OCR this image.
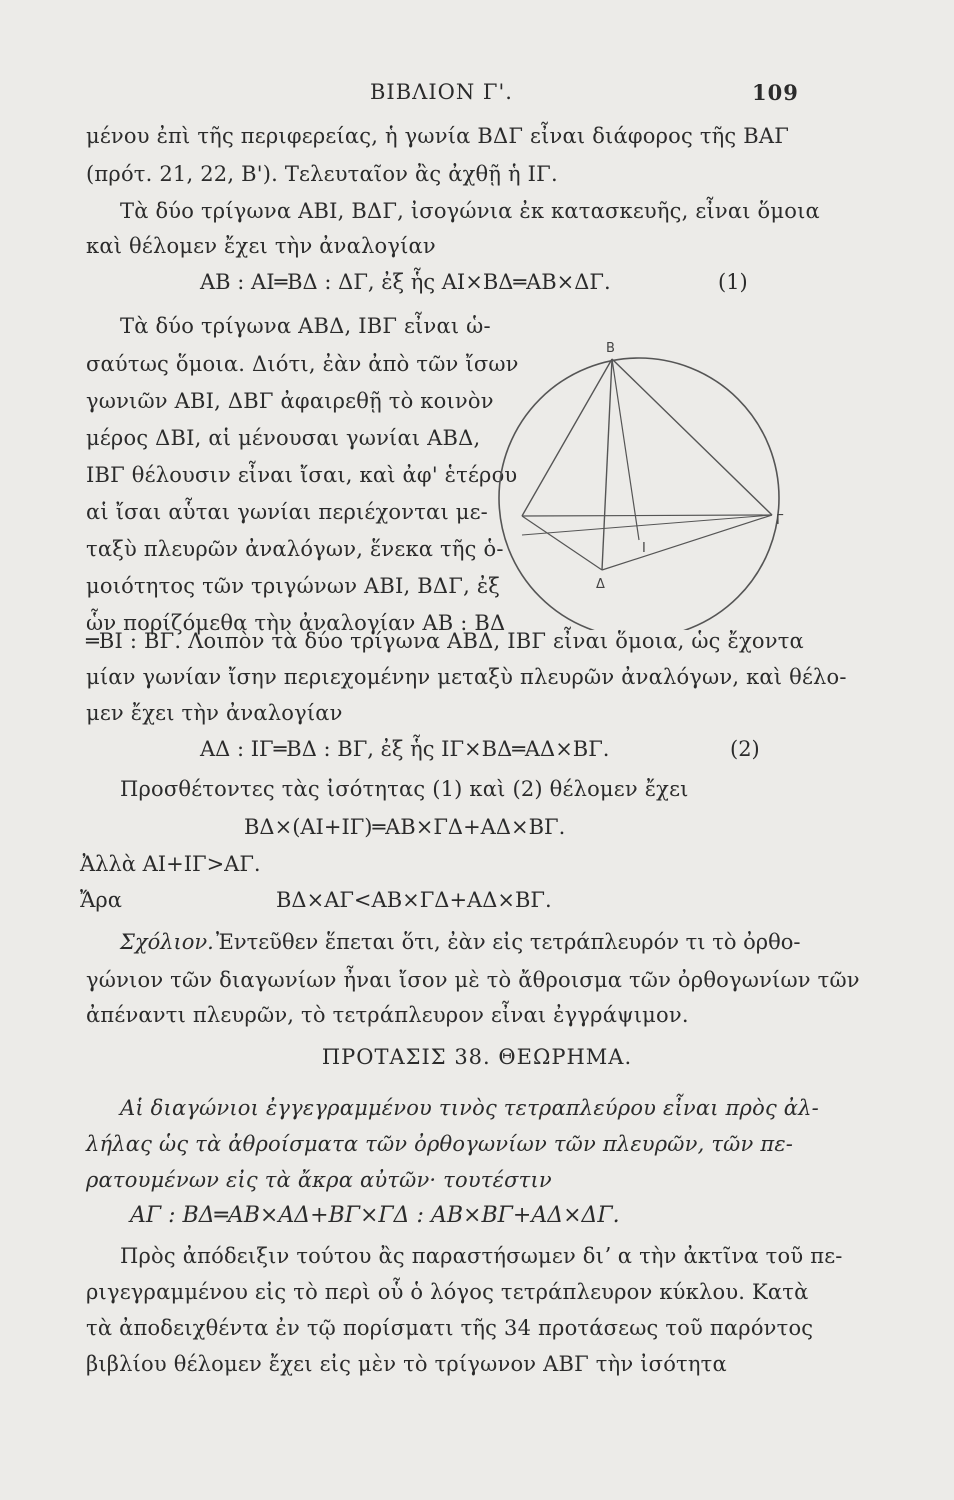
ΒΙΒΛΙΟΝ Γ'.	109
μένου ἐπὶ τῆς περιφερείας, ἡ γωνία ΒΔΓ εἶναι διάφορος τῆς ΒΑΓ
(πρότ. 21, 22, Β'). Τελευταῖον ἂς ἀχθῇ ἡ ΙΓ.
Τὰ δύο τρίγωνα ΑΒΙ, ΒΔΓ, ἰσογώνια ἐκ κατασκευῆς, εἶναι ὅμοια
καὶ θέλομεν ἔχει τὴν ἀναλογίαν
ΑΒ : ΑΙ═ΒΔ : ΔΓ, ἐξ ἧς ΑΙ×ΒΔ═ΑΒ×ΔΓ.	(1)
Τὰ δύο τρίγωνα ΑΒΔ, ΙΒΓ εἶναι ὡ-
σαύτως ὅμοια. Διότι, ἐὰν ἀπὸ τῶν ἴσων
γωνιῶν ΑΒΙ, ΔΒΓ ἀφαιρεθῇ τὸ κοινὸν
μέρος ΔΒΙ, αἱ μένουσαι γωνίαι ΑΒΔ,
ΙΒΓ θέλουσιν εἶναι ἴσαι, καὶ ἀφ' ἑτέρου
αἱ ἴσαι αὗται γωνίαι περιέχονται με-
ταξὺ πλευρῶν ἀναλόγων, ἕνεκα τῆς ὁ-
μοιότητος τῶν τριγώνων ΑΒΙ, ΒΔΓ, ἐξ
ὧν πορίζόμεθα τὴν ἀναλογίαν ΑΒ : ΒΔ
Β
Γ
Δ
Ι
═ΒΙ : ΒΓ. Λοιπὸν τὰ δύο τρίγωνα ΑΒΔ, ΙΒΓ εἶναι ὅμοια, ὡς ἔχοντα
μίαν γωνίαν ἴσην περιεχομένην μεταξὺ πλευρῶν ἀναλόγων, καὶ θέλο-
μεν ἔχει τὴν ἀναλογίαν
ΑΔ : ΙΓ═ΒΔ : ΒΓ, ἐξ ἧς ΙΓ×ΒΔ═ΑΔ×ΒΓ.	(2)
Προσθέτοντες τὰς ἰσότητας (1) καὶ (2) θέλομεν ἔχει
ΒΔ×(ΑΙ+ΙΓ)═ΑΒ×ΓΔ+ΑΔ×ΒΓ.
Ἀλλὰ ΑΙ+ΙΓ>ΑΓ.
Ἄρα	ΒΔ×ΑΓ<ΑΒ×ΓΔ+ΑΔ×ΒΓ.
Σχόλιον. Ἐντεῦθεν ἕπεται ὅτι, ἐὰν εἰς τετράπλευρόν τι τὸ ὀρθο-
γώνιον τῶν διαγωνίων ἦναι ἴσον μὲ τὸ ἄθροισμα τῶν ὀρθογωνίων τῶν
ἀπέναντι πλευρῶν, τὸ τετράπλευρον εἶναι ἐγγράψιμον.
ΠΡΟΤΑΣΙΣ 38. ΘΕΩΡΗΜΑ.
Αἱ διαγώνιοι ἐγγεγραμμένου τινὸς τετραπλεύρου εἶναι πρὸς ἀλ-
λήλας ὡς τὰ ἀθροίσματα τῶν ὀρθογωνίων τῶν πλευρῶν, τῶν πε-
ρατουμένων εἰς τὰ ἄκρα αὐτῶν· τουτέστιν
ΑΓ : ΒΔ═ΑΒ×ΑΔ+ΒΓ×ΓΔ : ΑΒ×ΒΓ+ΑΔ×ΔΓ.
Πρὸς ἀπόδειξιν τούτου ἂς παραστήσωμεν διʼ α τὴν ἀκτῖνα τοῦ πε-
ριγεγραμμένου εἰς τὸ περὶ οὗ ὁ λόγος τετράπλευρον κύκλου. Κατὰ
τὰ ἀποδειχθέντα ἐν τῷ πορίσματι τῆς 34 προτάσεως τοῦ παρόντος
βιβλίου θέλομεν ἔχει εἰς μὲν τὸ τρίγωνον ΑΒΓ τὴν ἰσότητα
